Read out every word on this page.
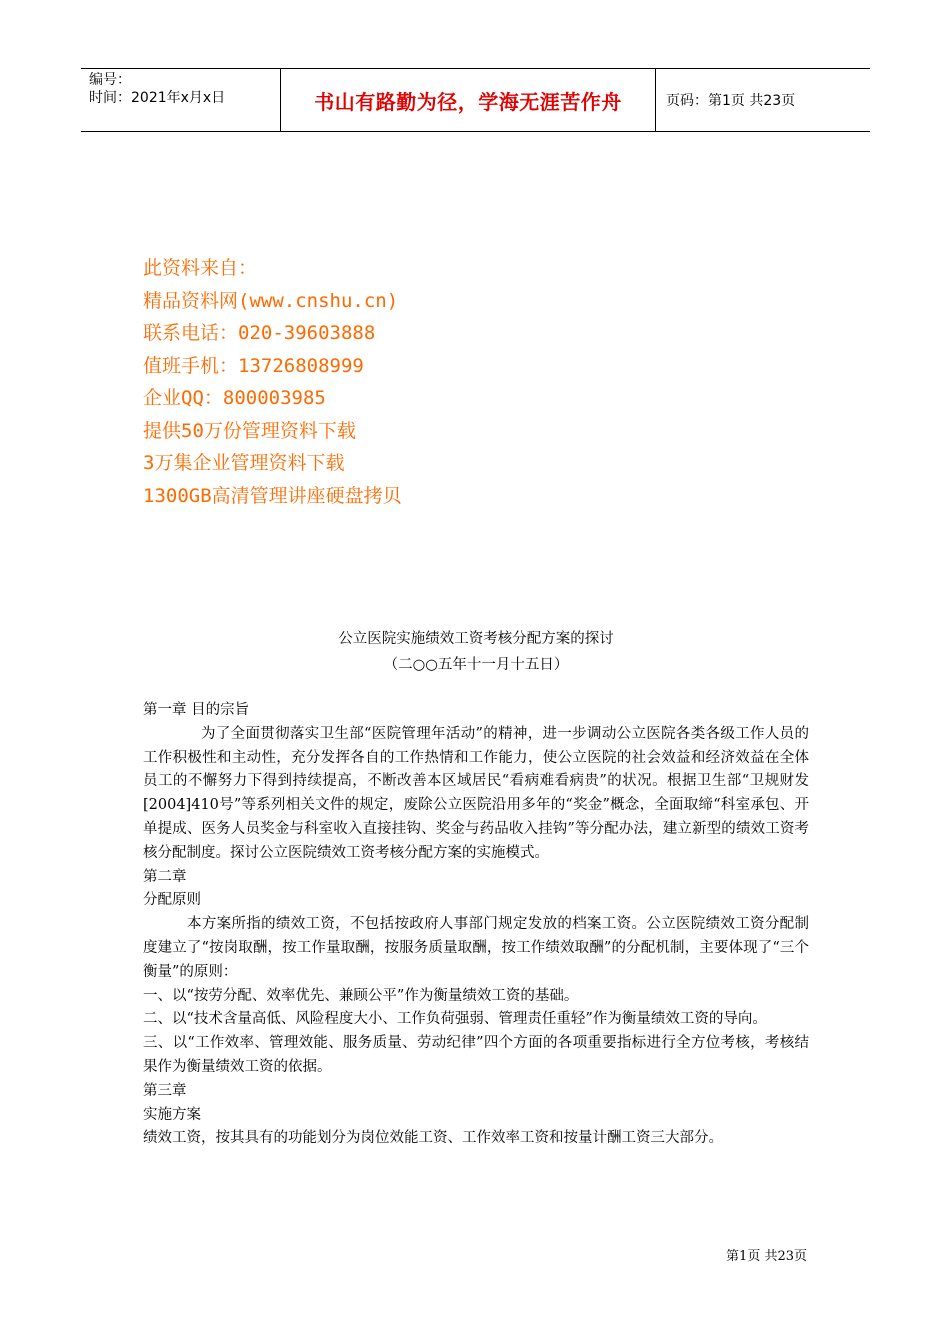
编号：
时间：2021年x月x日	书山有路勤为径，学海无涯苦作舟	页码：第1页 共23页
此资料来自：
精品资料网(www.cnshu.cn)
联系电话：020-39603888
值班手机：13726808999
企业QQ：800003985
提供50万份管理资料下载
3万集企业管理资料下载
1300GB高清管理讲座硬盘拷贝
公立医院实施绩效工资考核分配方案的探讨
（二○○五年十一月十五日）
第一章 目的宗旨
为了全面贯彻落实卫生部“医院管理年活动”的精神，进一步调动公立医院各类各级工作人员的工作积极性和主动性，充分发挥各自的工作热情和工作能力，使公立医院的社会效益和经济效益在全体员工的不懈努力下得到持续提高，不断改善本区域居民“看病难看病贵”的状况。根据卫生部“卫规财发[2004]410号”等系列相关文件的规定，废除公立医院沿用多年的“奖金”概念，全面取缔“科室承包、开单提成、医务人员奖金与科室收入直接挂钩、奖金与药品收入挂钩”等分配办法，建立新型的绩效工资考核分配制度。探讨公立医院绩效工资考核分配方案的实施模式。
第二章
分配原则
本方案所指的绩效工资，不包括按政府人事部门规定发放的档案工资。公立医院绩效工资分配制度建立了“按岗取酬，按工作量取酬，按服务质量取酬，按工作绩效取酬”的分配机制，主要体现了“三个衡量”的原则：
一、以“按劳分配、效率优先、兼顾公平”作为衡量绩效工资的基础。
二、以“技术含量高低、风险程度大小、工作负荷强弱、管理责任重轻”作为衡量绩效工资的导向。
三、以“工作效率、管理效能、服务质量、劳动纪律”四个方面的各项重要指标进行全方位考核，考核结果作为衡量绩效工资的依据。
第三章
实施方案
绩效工资，按其具有的功能划分为岗位效能工资、工作效率工资和按量计酬工资三大部分。
第1页 共23页
